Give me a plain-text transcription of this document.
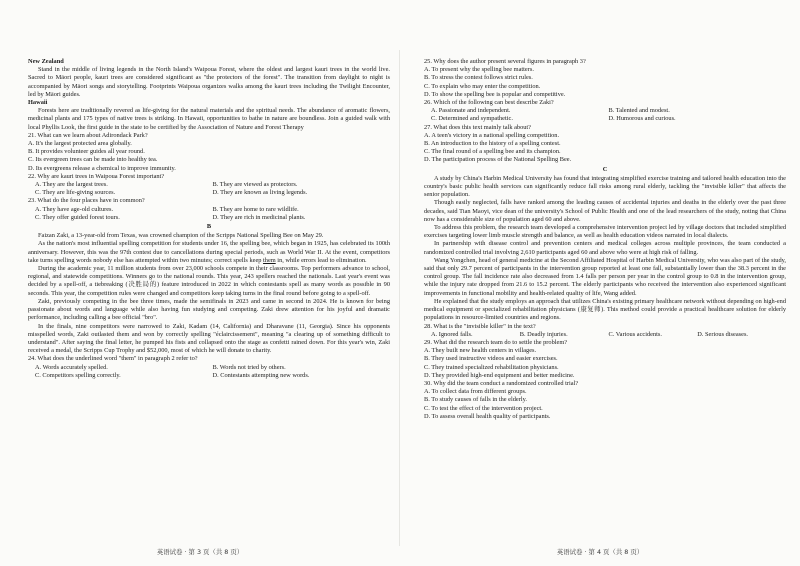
New Zealand

Stand in the middle of living legends in the North Island's Waipoua Forest, where the oldest and largest kauri trees in the world live. Sacred to Māori people, kauri trees are considered significant as "the protectors of the forest". The transition from daylight to night is accompanied by Māori songs and storytelling. Footprints Waipoua organizes walks among the kauri trees including the Twilight Encounter, led by Māori guides.

Hawaii

Forests here are traditionally revered as life-giving for the natural materials and the spiritual needs. The abundance of aromatic flowers, medicinal plants and 175 types of native trees is striking. In Hawaii, opportunities to bathe in nature are boundless. Join a guided walk with local Phyllis Look, the first guide in the state to be certified by the Association of Nature and Forest Therapy

21. What can we learn about Adirondack Park?

A. It's the largest protected area globally.

B. It provides volunteer guides all year round.

C. Its evergreen trees can be made into healthy tea.

D. Its evergreens release a chemical to improve immunity.

22. Why are kauri trees in Waipoua Forest important?

A. They are the largest trees.	B. They are viewed as protectors.
C. They are life-giving sources.	D. They are known as living legends.

23. What do the four places have in common?

A. They have age-old cultures.	B. They are home to rare wildlife.
C. They offer guided forest tours.	D. They are rich in medicinal plants.

B

Faizan Zaki, a 13-year-old from Texas, was crowned champion of the Scripps National Spelling Bee on May 29.

As the nation's most influential spelling competition for students under 16, the spelling bee, which began in 1925, has celebrated its 100th anniversary. However, this was the 97th contest due to cancellations during special periods, such as World War II. At the event, competitors take turns spelling words nobody else has attempted within two minutes; correct spells keep them in, while errors lead to elimination.

During the academic year, 11 million students from over 23,000 schools compete in their classrooms. Top performers advance to school, regional, and statewide competitions. Winners go to the national rounds. This year, 243 spellers reached the nationals. Last year's event was decided by a spell-off, a tiebreaking (决胜局的) feature introduced in 2022 in which contestants spell as many words as possible in 90 seconds. This year, the competition rules were changed and competitors keep taking turns in the final round before going to a spell-off.

Zaki, previously competing in the bee three times, made the semifinals in 2023 and came in second in 2024. He is known for being passionate about words and language while also having fun studying and competing. Zaki drew attention for his joyful and dramatic performance, including calling a bee official "bro".

In the finals, nine competitors were narrowed to Zaki, Kadam (14, California) and Dharavane (11, Georgia). Since his opponents misspelled words, Zaki outlasted them and won by correctly spelling "éclaircissement", meaning "a clearing up of something difficult to understand". After saying the final letter, he pumped his fists and collapsed onto the stage as confetti rained down. For this year's win, Zaki received a medal, the Scripps Cup Trophy and $52,000, most of which he will donate to charity.

24. What does the underlined word "them" in paragraph 2 refer to?

A. Words accurately spelled.	B. Words not tried by others.
C. Competitors spelling correctly.	D. Contestants attempting new words.

25. Why does the author present several figures in paragraph 3?

A. To present why the spelling bee matters.

B. To stress the contest follows strict rules.

C. To explain who may enter the competition.

D. To show the spelling bee is popular and competitive.

26. Which of the following can best describe Zaki?

A. Passionate and independent.	B. Talented and modest.
C. Determined and sympathetic.	D. Humorous and curious.

27. What does this text mainly talk about?

A. A teen's victory in a national spelling competition.

B. An introduction to the history of a spelling contest.

C. The final round of a spelling bee and its champion.

D. The participation process of the National Spelling Bee.

C

A study by China's Harbin Medical University has found that integrating simplified exercise training and tailored health education into the country's basic public health services can significantly reduce fall risks among rural elderly, tackling the "invisible killer" that affects the senior population.

Though easily neglected, falls have ranked among the leading causes of accidental injuries and deaths in the elderly over the past three decades, said Tian Maoyi, vice dean of the university's School of Public Health and one of the lead researchers of the study, noting that China now has a considerable size of population aged 60 and above.

To address this problem, the research team developed a comprehensive intervention project led by village doctors that included simplified exercises targeting lower limb muscle strength and balance, as well as health education videos narrated in local dialects.

In partnership with disease control and prevention centers and medical colleges across multiple provinces, the team conducted a randomized controlled trial involving 2,610 participants aged 60 and above who were at high risk of falling.

Wang Yongchen, head of general medicine at the Second Affiliated Hospital of Harbin Medical University, who was also part of the study, said that only 29.7 percent of participants in the intervention group reported at least one fall, substantially lower than the 38.3 percent in the control group. The fall incidence rate also decreased from 1.4 falls per person per year in the control group to 0.8 in the intervention group, while the injury rate dropped from 21.6 to 15.2 percent. The elderly participants who received the intervention also experienced significant improvements in functional mobility and health-related quality of life, Wang added.

He explained that the study employs an approach that utilizes China's existing primary healthcare network without depending on high-end medical equipment or specialized rehabilitation physicians (康复师). This method could provide a practical healthcare solution for elderly populations in resource-limited countries and regions.

28. What is the "invisible killer" in the text?

A. Ignored falls.	B. Deadly injuries.	C. Various accidents.	D. Serious diseases.

29. What did the research team do to settle the problem?

A. They built new health centers in villages.

B. They used instructive videos and easier exercises.

C. They trained specialized rehabilitation physicians.

D. They provided high-end equipment and better medicine.

30. Why did the team conduct a randomized controlled trial?

A. To collect data from different groups.

B. To study causes of falls in the elderly.

C. To test the effect of the intervention project.

D. To assess overall health quality of participants.

英语试卷 · 第 3 页（共 8 页）	英语试卷 · 第 4 页（共 8 页）
